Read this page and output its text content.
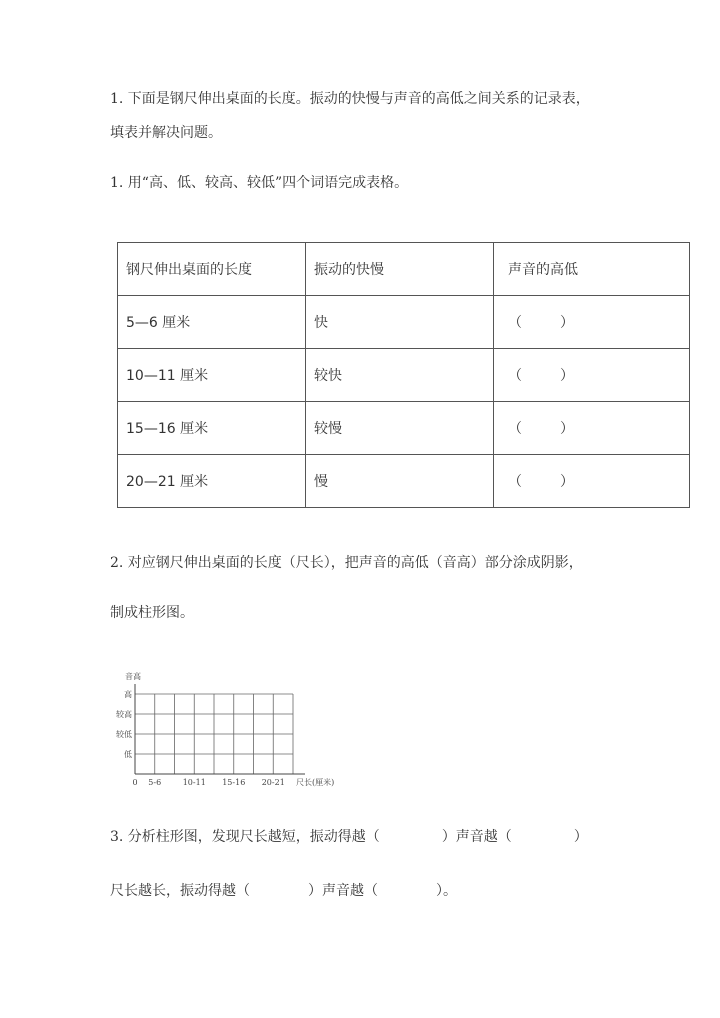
1. 下面是钢尺伸出桌面的长度。振动的快慢与声音的高低之间关系的记录表，
填表并解决问题。
1. 用“高、低、较高、较低”四个词语完成表格。
钢尺伸出桌面的长度	振动的快慢	声音的高低
5—6 厘米	快	（ ）

10—11 厘米	较快	（ ）

15—16 厘米	较慢	（ ）

20—21 厘米	慢	（ ）
2. 对应钢尺伸出桌面的长度（尺长），把声音的高低（音高）部分涂成阴影，
制成柱形图。
音高
尺长(厘米)
低
较低
较高
高
0 5-6	10-11 15-16 20-21
3. 分析柱形图，发现尺长越短，振动得越（	）声音越（	）
尺长越长，振动得越（	）声音越（	）。
